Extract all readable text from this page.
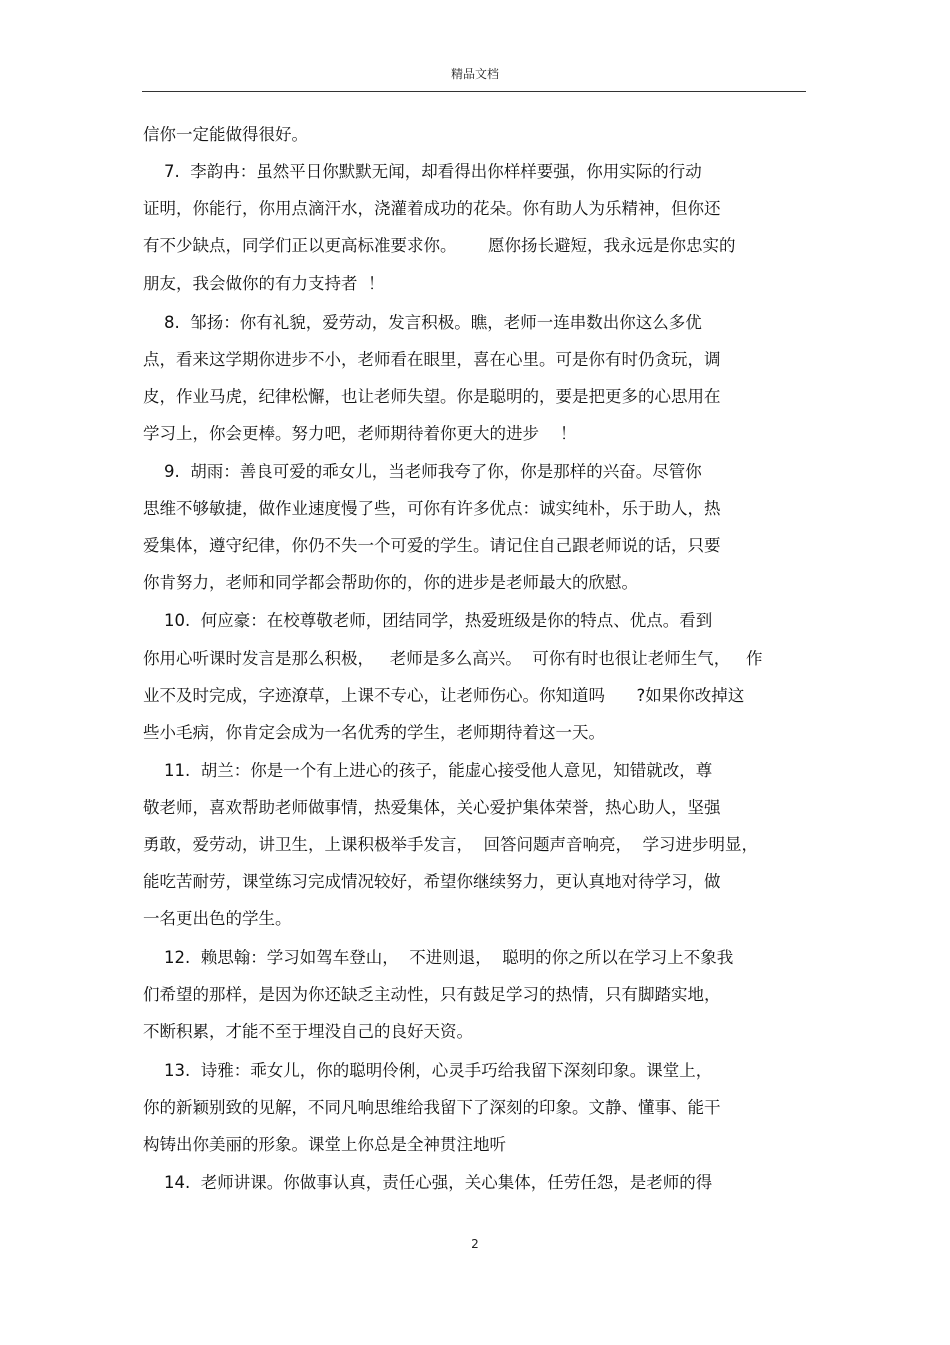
精品文档
信你一定能做得很好。
7.  李韵冉：虽然平日你默默无闻，却看得出你样样要强，你用实际的行动
证明，你能行，你用点滴汗水，浇灌着成功的花朵。你有助人为乐精神，但你还
有不少缺点，同学们正以更高标准要求你。      愿你扬长避短，我永远是你忠实的
朋友，我会做你的有力支持者  ！
8.  邹扬：你有礼貌，爱劳动，发言积极。瞧，老师一连串数出你这么多优
点，看来这学期你进步不小，老师看在眼里，喜在心里。可是你有时仍贪玩，调
皮，作业马虎，纪律松懈，也让老师失望。你是聪明的，要是把更多的心思用在
学习上，你会更棒。努力吧，老师期待着你更大的进步    ！
9.  胡雨：善良可爱的乖女儿，当老师我夸了你，你是那样的兴奋。尽管你
思维不够敏捷，做作业速度慢了些，可你有许多优点：诚实纯朴，乐于助人，热
爱集体，遵守纪律，你仍不失一个可爱的学生。请记住自己跟老师说的话，只要
你肯努力，老师和同学都会帮助你的，你的进步是老师最大的欣慰。
10.  何应豪：在校尊敬老师，团结同学，热爱班级是你的特点、优点。看到
你用心听课时发言是那么积极，   老师是多么高兴。  可你有时也很让老师生气，   作
业不及时完成，字迹潦草，上课不专心，让老师伤心。你知道吗      ?如果你改掉这
些小毛病，你肯定会成为一名优秀的学生，老师期待着这一天。
11.  胡兰：你是一个有上进心的孩子，能虚心接受他人意见，知错就改，尊
敬老师，喜欢帮助老师做事情，热爱集体，关心爱护集体荣誉，热心助人，坚强
勇敢，爱劳动，讲卫生，上课积极举手发言，  回答问题声音响亮，  学习进步明显，
能吃苦耐劳，课堂练习完成情况较好，希望你继续努力，更认真地对待学习，做
一名更出色的学生。
12.  赖思翰：学习如驾车登山，  不进则退，  聪明的你之所以在学习上不象我
们希望的那样，是因为你还缺乏主动性，只有鼓足学习的热情，只有脚踏实地，
不断积累，才能不至于埋没自己的良好天资。
13.  诗雅：乖女儿，你的聪明伶俐，心灵手巧给我留下深刻印象。课堂上，
你的新颖别致的见解，不同凡响思维给我留下了深刻的印象。文静、懂事、能干
构铸出你美丽的形象。课堂上你总是全神贯注地听
14.  老师讲课。你做事认真，责任心强，关心集体，任劳任怨，是老师的得
2
